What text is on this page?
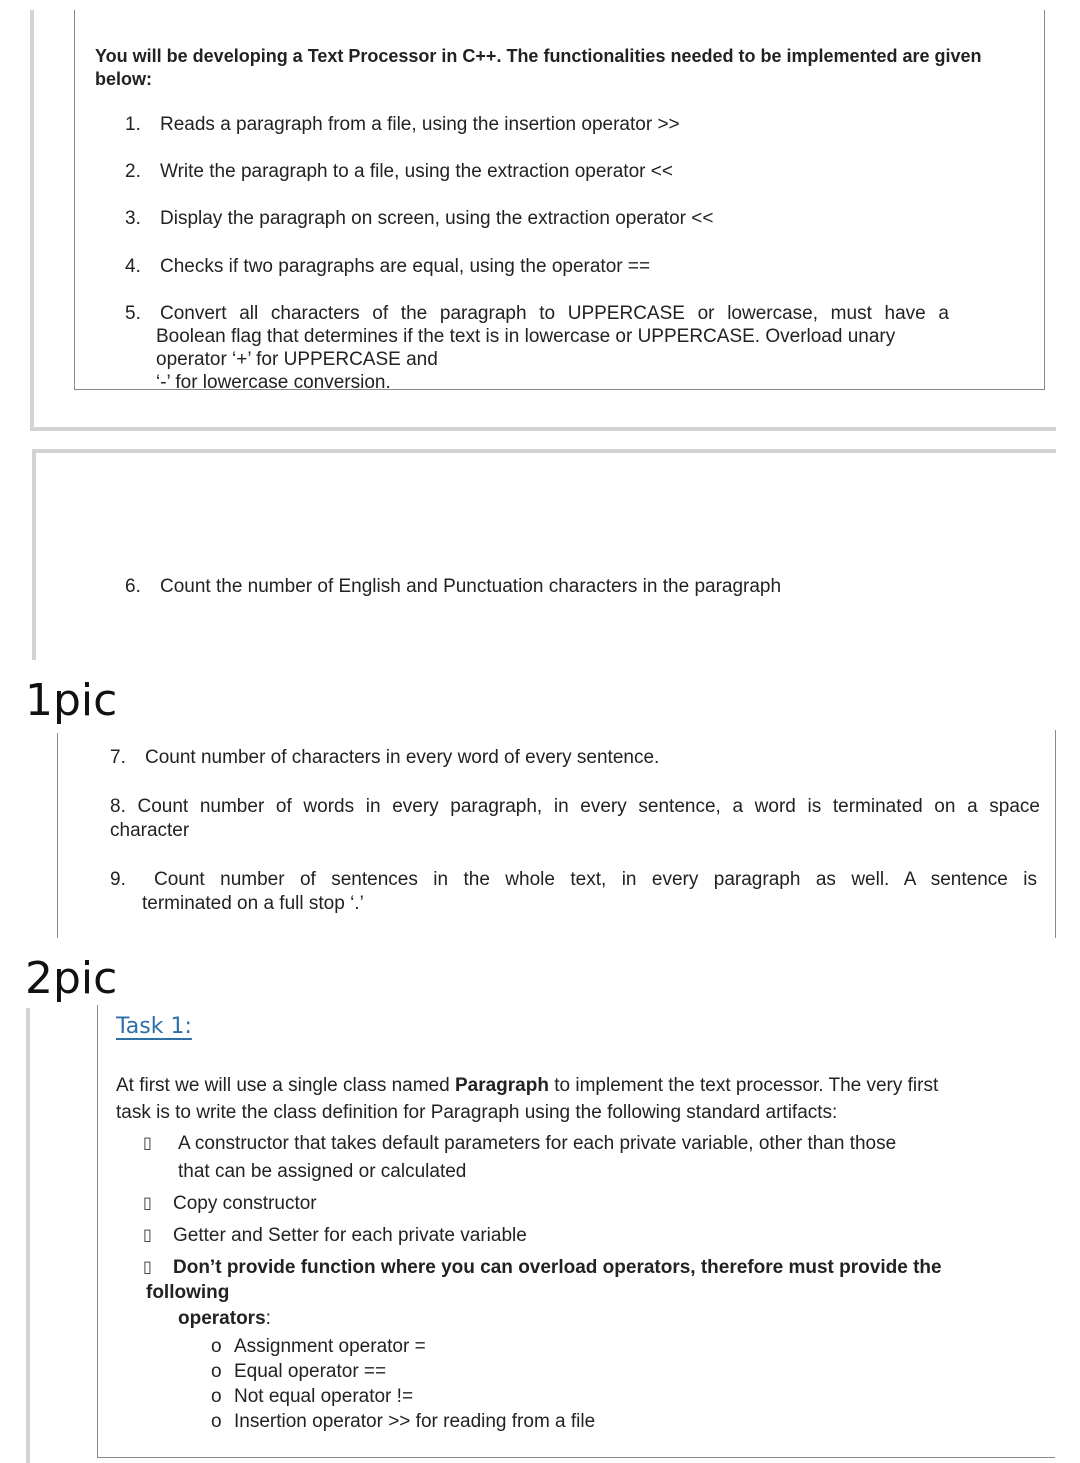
You will be developing a Text Processor in C++. The functionalities needed to be implemented are given
below:
1. Reads a paragraph from a file, using the insertion operator >>
2. Write the paragraph to a file, using the extraction operator <<
3. Display the paragraph on screen, using the extraction operator <<
4. Checks if two paragraphs are equal, using the operator ==
5. Convert all characters of the paragraph to UPPERCASE or lowercase, must have a
Boolean flag that determines if the text is in lowercase or UPPERCASE. Overload unary
operator ‘+’ for UPPERCASE and
‘-’ for lowercase conversion.
6. Count the number of English and Punctuation characters in the paragraph
1pic
7. Count number of characters in every word of every sentence.
8. Count number of words in every paragraph, in every sentence, a word is terminated on a space
character
9. Count number of sentences in the whole text, in every paragraph as well. A sentence is
terminated on a full stop ‘.’
2pic
Task 1:
At first we will use a single class named Paragraph to implement the text processor. The very first
task is to write the class definition for Paragraph using the following standard artifacts:
▯ A constructor that takes default parameters for each private variable, other than those
that can be assigned or calculated
▯ Copy constructor
▯ Getter and Setter for each private variable
▯ Don’t provide function where you can overload operators, therefore must provide the
following
operators:
o Assignment operator =
o Equal operator ==
o Not equal operator !=
o Insertion operator >> for reading from a file
